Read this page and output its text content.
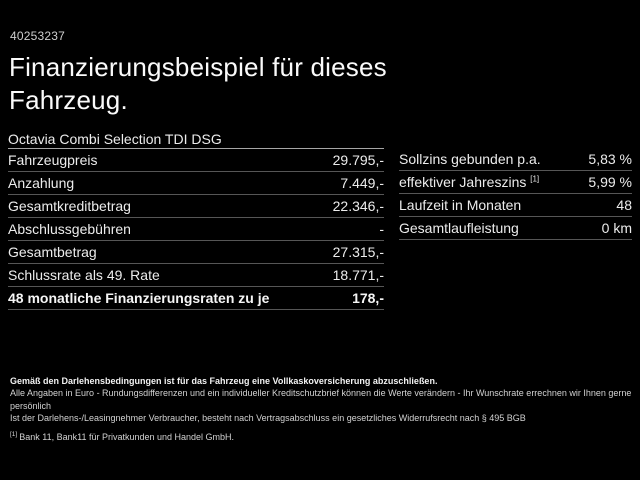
40253237
Finanzierungsbeispiel für dieses Fahrzeug.
Octavia Combi Selection TDI DSG
Fahrzeugpreis	29.795,-
Anzahlung	7.449,-
Gesamtkreditbetrag	22.346,-
Abschlussgebühren	-
Gesamtbetrag	27.315,-
Schlussrate als 49. Rate	18.771,-
48 monatliche Finanzierungsraten zu je	178,-
Sollzins gebunden p.a.	5,83 %
effektiver Jahreszins [1]	5,99 %
Laufzeit in Monaten	48
Gesamtlaufleistung	0 km
Gemäß den Darlehensbedingungen ist für das Fahrzeug eine Vollkaskoversicherung abzuschließen.
Alle Angaben in Euro - Rundungsdifferenzen und ein individueller Kreditschutzbrief können die Werte verändern - Ihr Wunschrate errechnen wir Ihnen gerne persönlich
Ist der Darlehens-/Leasingnehmer Verbraucher, besteht nach Vertragsabschluss ein gesetzliches Widerrufsrecht nach § 495 BGB
[1] Bank 11, Bank11 für Privatkunden und Handel GmbH.
